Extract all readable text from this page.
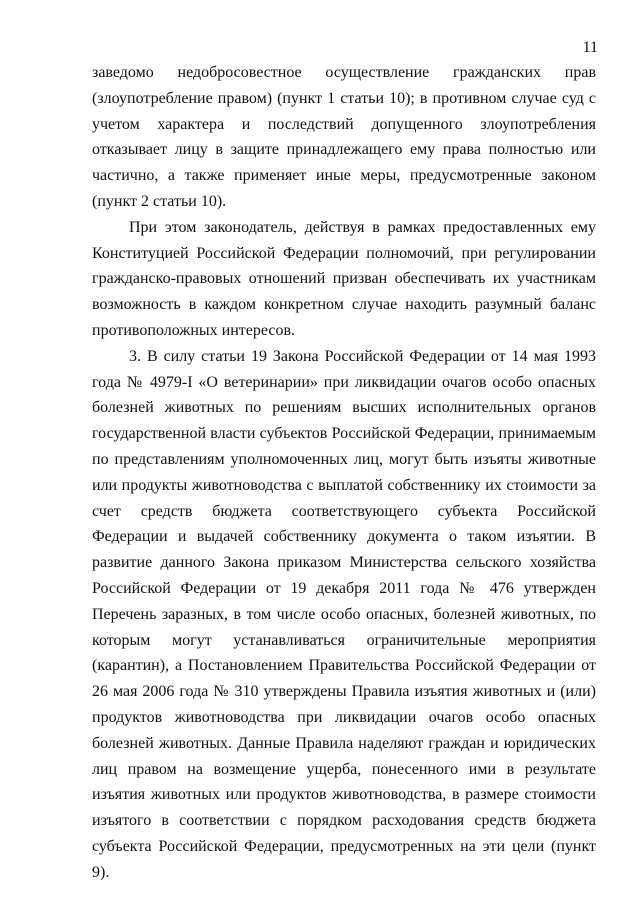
11

заведомо недобросовестное осуществление гражданских прав (злоупотребление правом) (пункт 1 статьи 10); в противном случае суд с учетом характера и последствий допущенного злоупотребления отказывает лицу в защите принадлежащего ему права полностью или частично, а также применяет иные меры, предусмотренные законом (пункт 2 статьи 10).

При этом законодатель, действуя в рамках предоставленных ему Конституцией Российской Федерации полномочий, при регулировании гражданско-правовых отношений призван обеспечивать их участникам возможность в каждом конкретном случае находить разумный баланс противоположных интересов.

3. В силу статьи 19 Закона Российской Федерации от 14 мая 1993 года № 4979-I «О ветеринарии» при ликвидации очагов особо опасных болезней животных по решениям высших исполнительных органов государственной власти субъектов Российской Федерации, принимаемым по представлениям уполномоченных лиц, могут быть изъяты животные или продукты животноводства с выплатой собственнику их стоимости за счет средств бюджета соответствующего субъекта Российской Федерации и выдачей собственнику документа о таком изъятии. В развитие данного Закона приказом Министерства сельского хозяйства Российской Федерации от 19 декабря 2011 года № 476 утвержден Перечень заразных, в том числе особо опасных, болезней животных, по которым могут устанавливаться ограничительные мероприятия (карантин), а Постановлением Правительства Российской Федерации от 26 мая 2006 года № 310 утверждены Правила изъятия животных и (или) продуктов животноводства при ликвидации очагов особо опасных болезней животных. Данные Правила наделяют граждан и юридических лиц правом на возмещение ущерба, понесенного ими в результате изъятия животных или продуктов животноводства, в размере стоимости изъятого в соответствии с порядком расходования средств бюджета субъекта Российской Федерации, предусмотренных на эти цели (пункт 9).
